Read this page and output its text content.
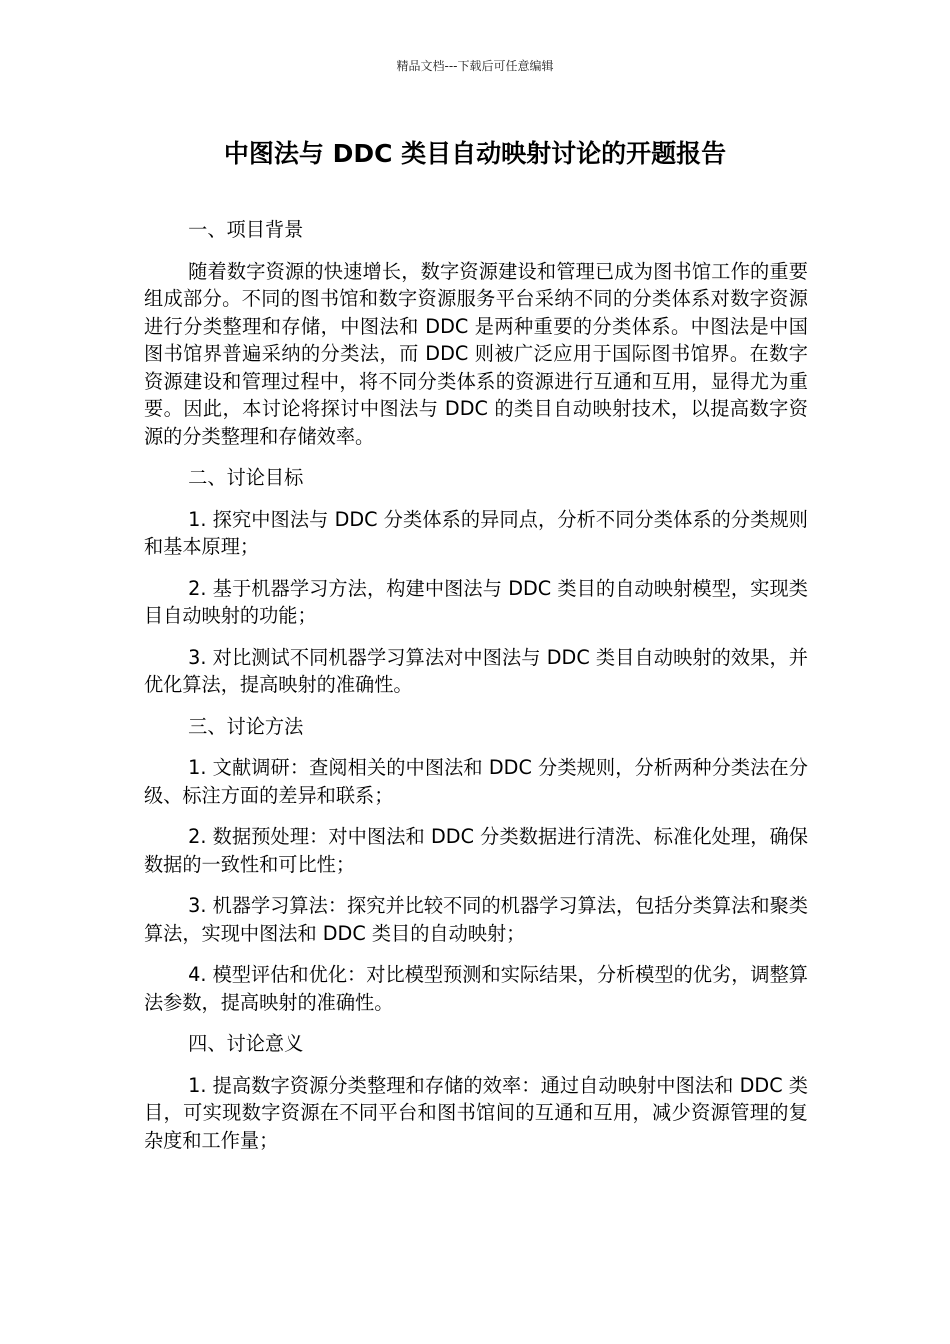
精品文档---下载后可任意编辑
中图法与 DDC 类目自动映射讨论的开题报告

一、项目背景

随着数字资源的快速增长，数字资源建设和管理已成为图书馆工作的重要组成部分。不同的图书馆和数字资源服务平台采纳不同的分类体系对数字资源进行分类整理和存储，中图法和 DDC 是两种重要的分类体系。中图法是中国图书馆界普遍采纳的分类法，而 DDC 则被广泛应用于国际图书馆界。在数字资源建设和管理过程中，将不同分类体系的资源进行互通和互用，显得尤为重要。因此，本讨论将探讨中图法与 DDC 的类目自动映射技术，以提高数字资源的分类整理和存储效率。

二、讨论目标

1. 探究中图法与 DDC 分类体系的异同点，分析不同分类体系的分类规则和基本原理；

2. 基于机器学习方法，构建中图法与 DDC 类目的自动映射模型，实现类目自动映射的功能；

3. 对比测试不同机器学习算法对中图法与 DDC 类目自动映射的效果，并优化算法，提高映射的准确性。

三、讨论方法

1. 文献调研：查阅相关的中图法和 DDC 分类规则，分析两种分类法在分级、标注方面的差异和联系；

2. 数据预处理：对中图法和 DDC 分类数据进行清洗、标准化处理，确保数据的一致性和可比性；

3. 机器学习算法：探究并比较不同的机器学习算法，包括分类算法和聚类算法，实现中图法和 DDC 类目的自动映射；

4. 模型评估和优化：对比模型预测和实际结果，分析模型的优劣，调整算法参数，提高映射的准确性。

四、讨论意义

1. 提高数字资源分类整理和存储的效率：通过自动映射中图法和 DDC 类目，可实现数字资源在不同平台和图书馆间的互通和互用，减少资源管理的复杂度和工作量；
